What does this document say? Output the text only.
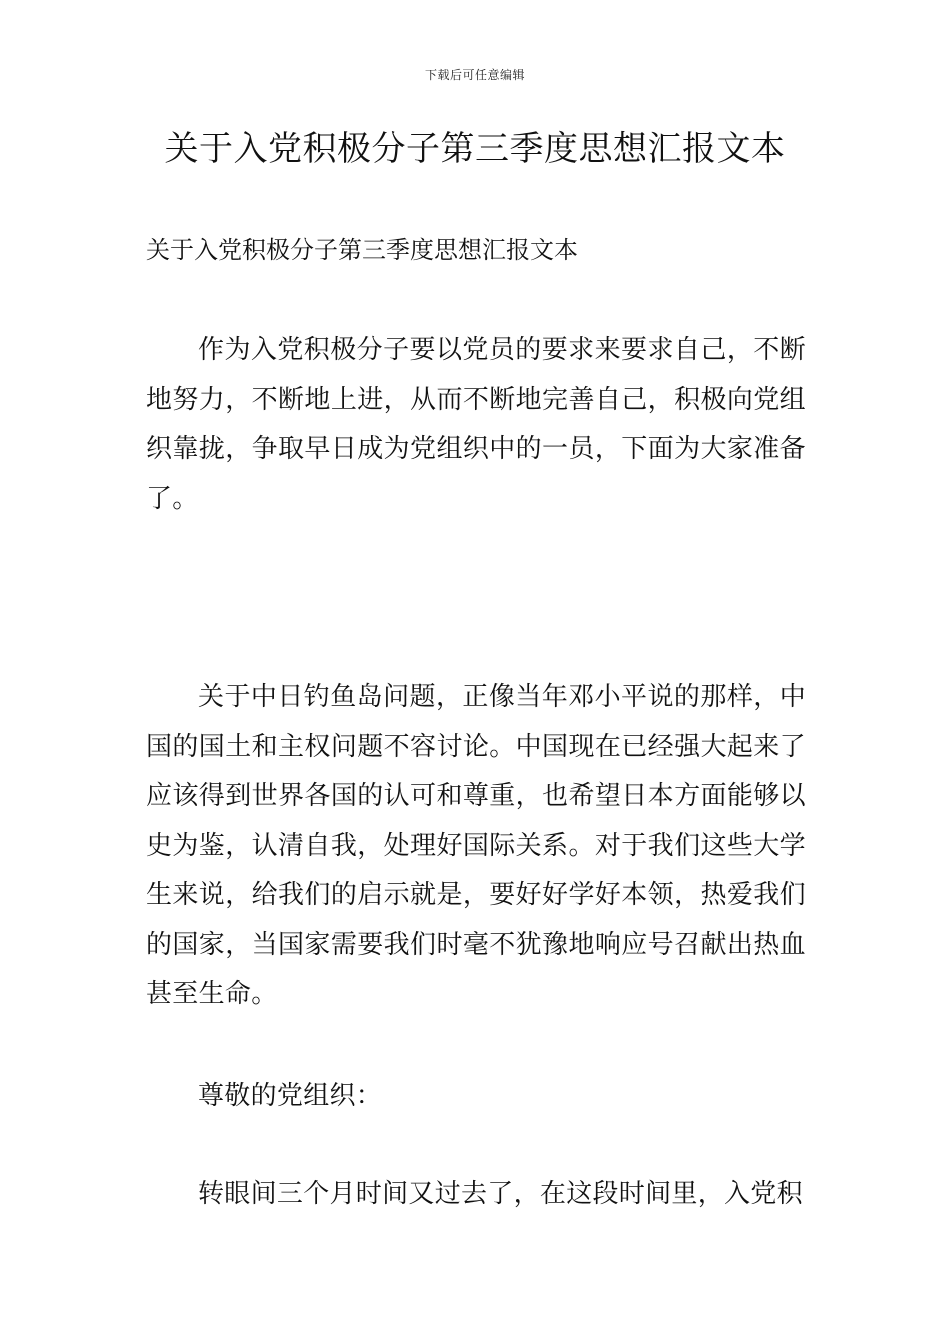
下载后可任意编辑
关于入党积极分子第三季度思想汇报文本
关于入党积极分子第三季度思想汇报文本

作为入党积极分子要以党员的要求来要求自己，不断地努力，不断地上进，从而不断地完善自己，积极向党组织靠拢，争取早日成为党组织中的一员，下面为大家准备了。

关于中日钓鱼岛问题，正像当年邓小平说的那样，中国的国土和主权问题不容讨论。中国现在已经强大起来了应该得到世界各国的认可和尊重，也希望日本方面能够以史为鉴，认清自我，处理好国际关系。对于我们这些大学生来说，给我们的启示就是，要好好学好本领，热爱我们的国家，当国家需要我们时毫不犹豫地响应号召献出热血甚至生命。

尊敬的党组织：

转眼间三个月时间又过去了，在这段时间里，入党积
